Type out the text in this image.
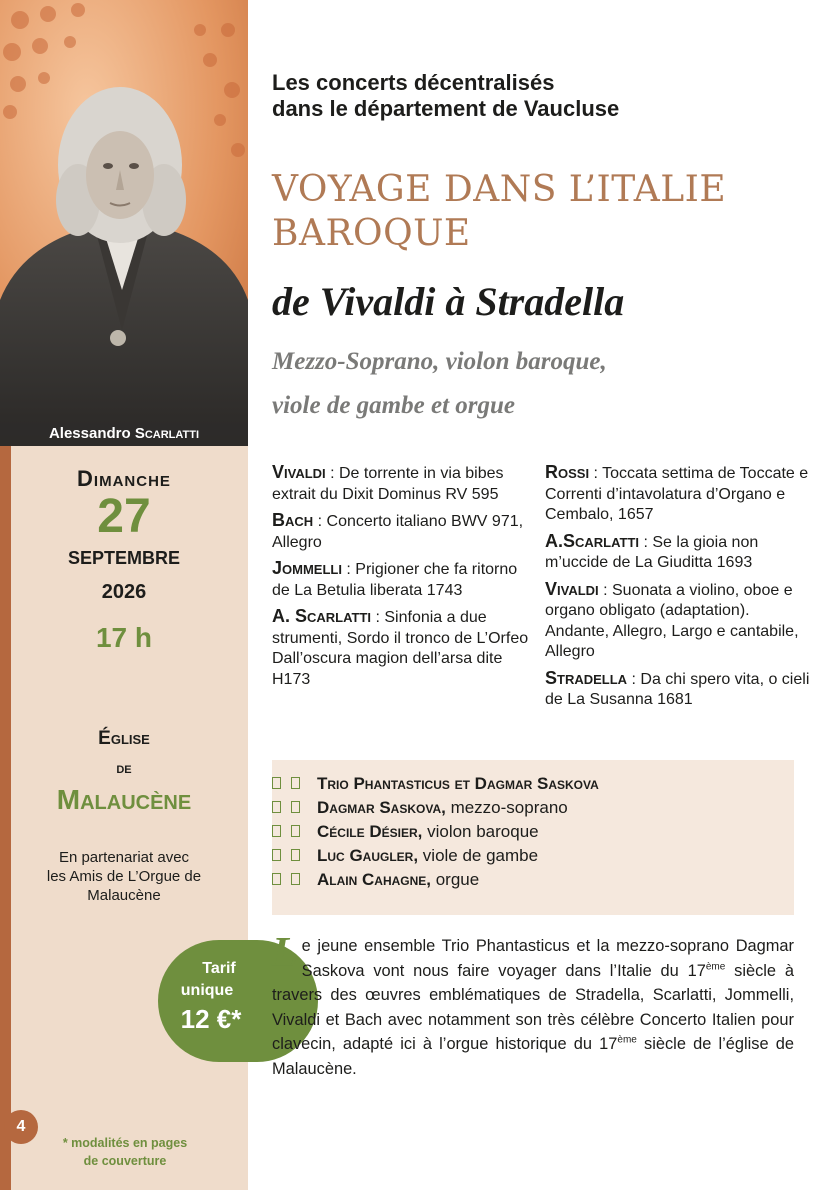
Alessandro Scarlatti
Dimanche
27
SEPTEMBRE
2026
17 h
Église
de
Malaucène
En partenariat avec
les Amis de L’Orgue de
Malaucène
Tarif
unique
12 €*
4
* modalités en pages
de couverture
Les concerts décentralisés
dans le département de Vaucluse
VOYAGE DANS L’ITALIE
BAROQUE
de Vivaldi à Stradella
Mezzo-Soprano, violon baroque,
viole de gambe et orgue
Vivaldi : De torrente in via bibes extrait du Dixit Dominus RV 595
Bach : Concerto italiano BWV 971, Allegro
Jommelli : Prigioner che fa ritorno de La Betulia liberata 1743
A. Scarlatti : Sinfonia a due strumenti, Sordo il tronco de L’Orfeo Dall’oscura magion dell’arsa dite H173
Rossi : Toccata settima de Toccate e Correnti d’intavolatura d’Organo e Cembalo, 1657
A.Scarlatti : Se la gioia non m’uccide de La Giuditta 1693
Vivaldi : Suonata a violino, oboe e organo obligato (adaptation). Andante, Allegro, Largo e cantabile, Allegro
Stradella : Da chi spero vita, o cieli de La Susanna 1681
Trio Phantasticus et Dagmar Saskova
Dagmar Saskova, mezzo-soprano
Cécile Désier, violon baroque
Luc Gaugler, viole de gambe
Alain Cahagne, orgue
Le jeune ensemble Trio Phantasticus et la mezzo-soprano Dagmar Saskova vont nous faire voyager dans l’Italie du 17ème siècle à travers des œuvres emblématiques de Stradella, Scarlatti, Jommelli, Vivaldi et Bach avec notamment son très célèbre Concerto Italien pour clavecin, adapté ici à l’orgue historique du 17ème siècle de l’église de Malaucène.
